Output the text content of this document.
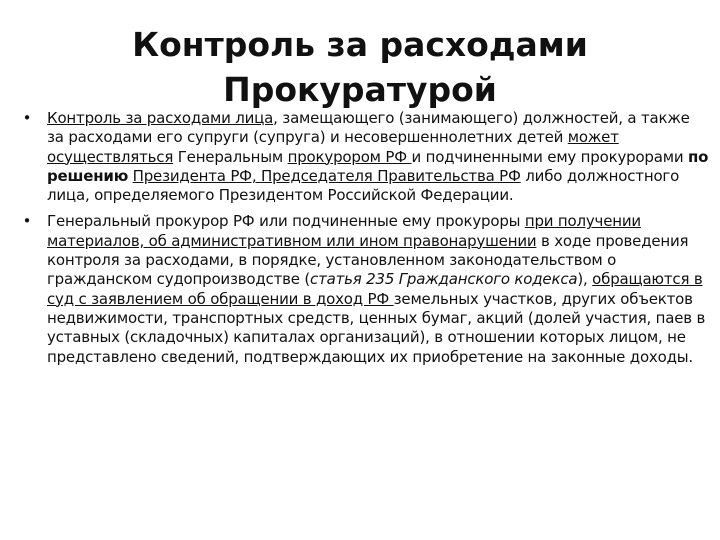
Контроль за расходами
Прокуратурой

• Контроль за расходами лица, замещающего (занимающего) должностей, а также за расходами его супруги (супруга) и несовершеннолетних детей может осуществляться Генеральным прокурором РФ и подчиненными ему прокурорами по решению Президента РФ, Председателя Правительства РФ либо должностного лица, определяемого Президентом Российской Федерации.

• Генеральный прокурор РФ или подчиненные ему прокуроры при получении материалов, об административном или ином правонарушении в ходе проведения контроля за расходами, в порядке, установленном законодательством о гражданском судопроизводстве (статья 235 Гражданского кодекса), обращаются в суд с заявлением об обращении в доход РФ земельных участков, других объектов недвижимости, транспортных средств, ценных бумаг, акций (долей участия, паев в уставных (складочных) капиталах организаций), в отношении которых лицом, не представлено сведений, подтверждающих их приобретение на законные доходы.
